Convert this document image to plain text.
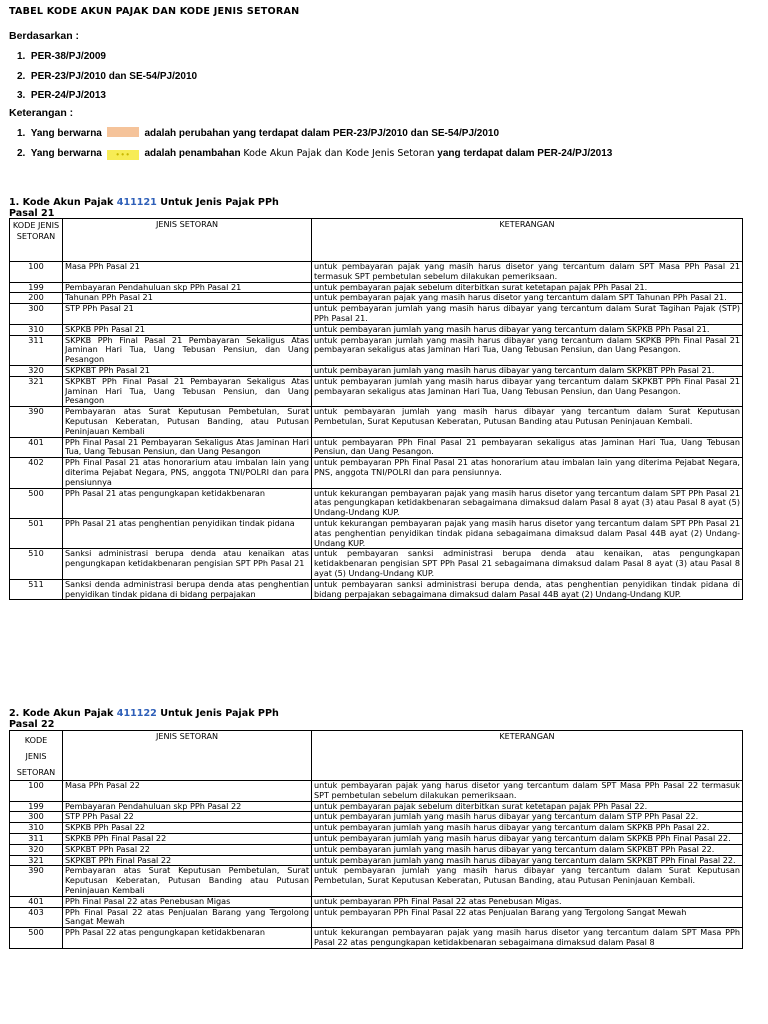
TABEL KODE AKUN PAJAK DAN KODE JENIS SETORAN
Berdasarkan :
1. PER-38/PJ/2009
2. PER-23/PJ/2010 dan SE-54/PJ/2010
3. PER-24/PJ/2013
Keterangan :
1. Yang berwarna	adalah perubahan yang terdapat dalam PER-23/PJ/2010 dan SE-54/PJ/2010
2. Yang berwarna • • • adalah penambahan Kode Akun Pajak dan Kode Jenis Setoran yang terdapat dalam PER-24/PJ/2013
1. Kode Akun Pajak 411121 Untuk Jenis Pajak PPh Pasal 21
KODE JENIS SETORAN	JENIS SETORAN	KETERANGAN
100	Masa PPh Pasal 21	untuk pembayaran pajak yang masih harus disetor yang tercantum dalam SPT Masa PPh Pasal 21 termasuk SPT pembetulan sebelum dilakukan pemeriksaan.
199	Pembayaran Pendahuluan skp PPh Pasal 21	untuk pembayaran pajak sebelum diterbitkan surat ketetapan pajak PPh Pasal 21.
200	Tahunan PPh Pasal 21	untuk pembayaran pajak yang masih harus disetor yang tercantum dalam SPT Tahunan PPh Pasal 21.
300	STP PPh Pasal 21	untuk pembayaran jumlah yang masih harus dibayar yang tercantum dalam Surat Tagihan Pajak (STP) PPh Pasal 21.
310	SKPKB PPh Pasal 21	untuk pembayaran jumlah yang masih harus dibayar yang tercantum dalam SKPKB PPh Pasal 21.
311	SKPKB PPh Final Pasal 21 Pembayaran Sekaligus Atas Jaminan Hari Tua, Uang Tebusan Pensiun, dan Uang Pesangon	untuk pembayaran jumlah yang masih harus dibayar yang tercantum dalam SKPKB PPh Final Pasal 21 pembayaran sekaligus atas Jaminan Hari Tua, Uang Tebusan Pensiun, dan Uang Pesangon.
320	SKPKBT PPh Pasal 21	untuk pembayaran jumlah yang masih harus dibayar yang tercantum dalam SKPKBT PPh Pasal 21.
321	SKPKBT PPh Final Pasal 21 Pembayaran Sekaligus Atas Jaminan Hari Tua, Uang Tebusan Pensiun, dan Uang Pesangon	untuk pembayaran jumlah yang masih harus dibayar yang tercantum dalam SKPKBT PPh Final Pasal 21 pembayaran sekaligus atas Jaminan Hari Tua, Uang Tebusan Pensiun, dan Uang Pesangon.
390	Pembayaran atas Surat Keputusan Pembetulan, Surat Keputusan Keberatan, Putusan Banding, atau Putusan Peninjauan Kembali	untuk pembayaran jumlah yang masih harus dibayar yang tercantum dalam Surat Keputusan Pembetulan, Surat Keputusan Keberatan, Putusan Banding atau Putusan Peninjauan Kembali.
401	PPh Final Pasal 21 Pembayaran Sekaligus Atas Jaminan Hari Tua, Uang Tebusan Pensiun, dan Uang Pesangon	untuk pembayaran PPh Final Pasal 21 pembayaran sekaligus atas Jaminan Hari Tua, Uang Tebusan Pensiun, dan Uang Pesangon.
402	PPh Final Pasal 21 atas honorarium atau imbalan lain yang diterima Pejabat Negara, PNS, anggota TNI/POLRI dan para pensiunnya	untuk pembayaran PPh Final Pasal 21 atas honorarium atau imbalan lain yang diterima Pejabat Negara, PNS, anggota TNI/POLRI dan para pensiunnya.
500	PPh Pasal 21 atas pengungkapan ketidakbenaran	untuk kekurangan pembayaran pajak yang masih harus disetor yang tercantum dalam SPT PPh Pasal 21 atas pengungkapan ketidakbenaran sebagaimana dimaksud dalam Pasal 8 ayat (3) atau Pasal 8 ayat (5) Undang-Undang KUP.
501	PPh Pasal 21 atas penghentian penyidikan tindak pidana	untuk kekurangan pembayaran pajak yang masih harus disetor yang tercantum dalam SPT PPh Pasal 21 atas penghentian penyidikan tindak pidana sebagaimana dimaksud dalam Pasal 44B ayat (2) Undang-Undang KUP.
510	Sanksi administrasi berupa denda atau kenaikan atas pengungkapan ketidakbenaran pengisian SPT PPh Pasal 21	untuk pembayaran sanksi administrasi berupa denda atau kenaikan, atas pengungkapan ketidakbenaran pengisian SPT PPh Pasal 21 sebagaimana dimaksud dalam Pasal 8 ayat (3) atau Pasal 8 ayat (5) Undang-Undang KUP.
511	Sanksi denda administrasi berupa denda atas penghentian penyidikan tindak pidana di bidang perpajakan	untuk pembayaran sanksi administrasi berupa denda, atas penghentian penyidikan tindak pidana di bidang perpajakan sebagaimana dimaksud dalam Pasal 44B ayat (2) Undang-Undang KUP.
2. Kode Akun Pajak 411122 Untuk Jenis Pajak PPh Pasal 22
KODE
JENIS
SETORAN	JENIS SETORAN	KETERANGAN
100	Masa PPh Pasal 22	untuk pembayaran pajak yang harus disetor yang tercantum dalam SPT Masa PPh Pasal 22 termasuk SPT pembetulan sebelum dilakukan pemeriksaan.
199	Pembayaran Pendahuluan skp PPh Pasal 22	untuk pembayaran pajak sebelum diterbitkan surat ketetapan pajak PPh Pasal 22.
300	STP PPh Pasal 22	untuk pembayaran jumlah yang masih harus dibayar yang tercantum dalam STP PPh Pasal 22.
310	SKPKB PPh Pasal 22	untuk pembayaran jumlah yang masih harus dibayar yang tercantum dalam SKPKB PPh Pasal 22.
311	SKPKB PPh Final Pasal 22	untuk pembayaran jumlah yang masih harus dibayar yang tercantum dalam SKPKB PPh Final Pasal 22.
320	SKPKBT PPh Pasal 22	untuk pembayaran jumlah yang masih harus dibayar yang tercantum dalam SKPKBT PPh Pasal 22.
321	SKPKBT PPh Final Pasal 22	untuk pembayaran jumlah yang masih harus dibayar yang tercantum dalam SKPKBT PPh Final Pasal 22.
390	Pembayaran atas Surat Keputusan Pembetulan, Surat Keputusan Keberatan, Putusan Banding atau Putusan Peninjauan Kembali	untuk pembayaran jumlah yang masih harus dibayar yang tercantum dalam Surat Keputusan Pembetulan, Surat Keputusan Keberatan, Putusan Banding, atau Putusan Peninjauan Kembali.
401	PPh Final Pasal 22 atas Penebusan Migas	untuk pembayaran PPh Final Pasal 22 atas Penebusan Migas.
403	PPh Final Pasal 22 atas Penjualan Barang yang Tergolong Sangat Mewah	untuk pembayaran PPh Final Pasal 22 atas Penjualan Barang yang Tergolong Sangat Mewah
500	PPh Pasal 22 atas pengungkapan ketidakbenaran	untuk kekurangan pembayaran pajak yang masih harus disetor yang tercantum dalam SPT Masa PPh Pasal 22 atas pengungkapan ketidakbenaran sebagaimana dimaksud dalam Pasal 8
